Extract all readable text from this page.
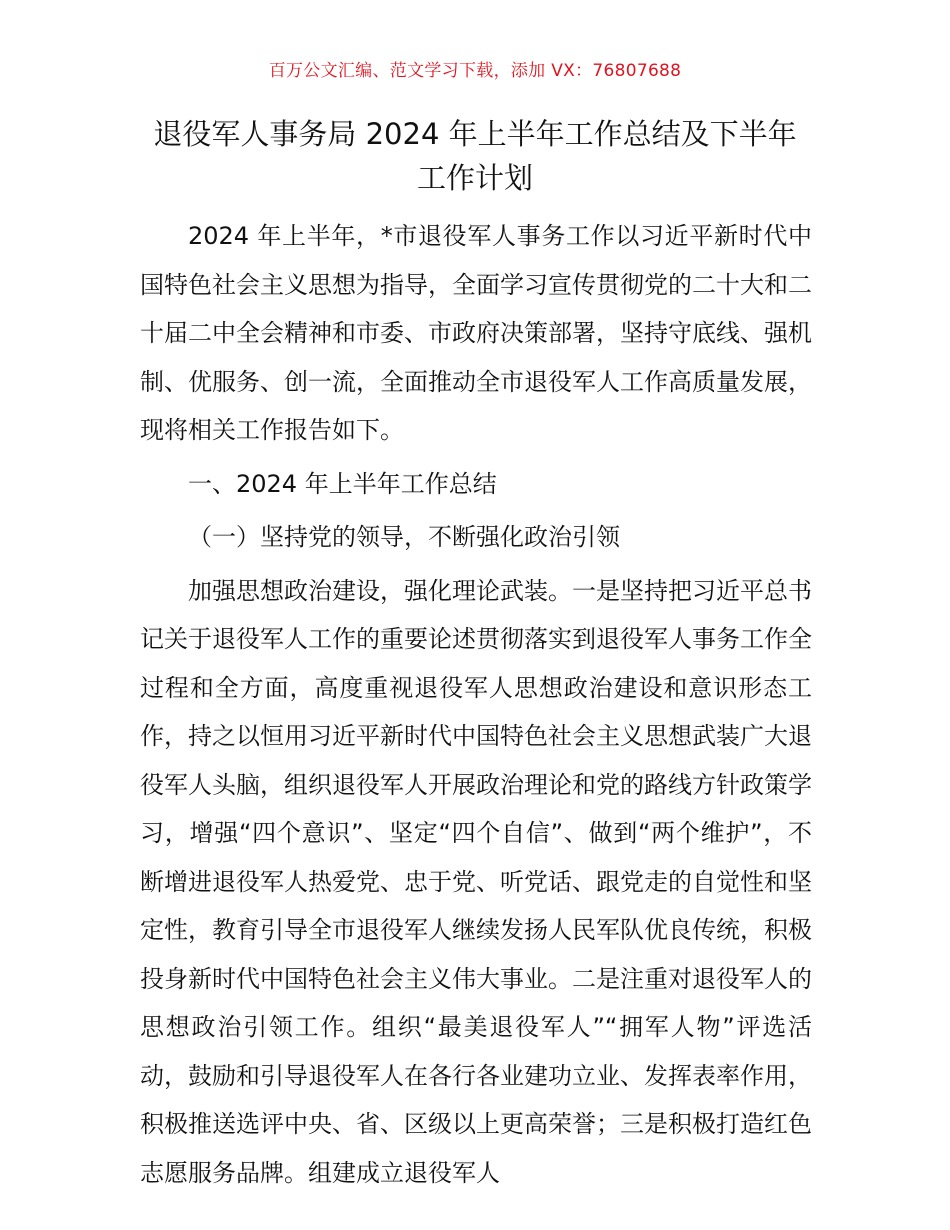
百万公文汇编、范文学习下载，添加 VX：76807688
退役军人事务局 2024 年上半年工作总结及下半年工作计划

2024 年上半年，*市退役军人事务工作以习近平新时代中国特色社会主义思想为指导，全面学习宣传贯彻党的二十大和二十届二中全会精神和市委、市政府决策部署，坚持守底线、强机制、优服务、创一流，全面推动全市退役军人工作高质量发展，现将相关工作报告如下。

一、2024 年上半年工作总结

（一）坚持党的领导，不断强化政治引领

加强思想政治建设，强化理论武装。一是坚持把习近平总书记关于退役军人工作的重要论述贯彻落实到退役军人事务工作全过程和全方面，高度重视退役军人思想政治建设和意识形态工作，持之以恒用习近平新时代中国特色社会主义思想武装广大退役军人头脑，组织退役军人开展政治理论和党的路线方针政策学习，增强“四个意识”、坚定“四个自信”、做到“两个维护”，不断增进退役军人热爱党、忠于党、听党话、跟党走的自觉性和坚定性，教育引导全市退役军人继续发扬人民军队优良传统，积极投身新时代中国特色社会主义伟大事业。二是注重对退役军人的思想政治引领工作。组织“最美退役军人”“拥军人物”评选活动，鼓励和引导退役军人在各行各业建功立业、发挥表率作用，积极推送选评中央、省、区级以上更高荣誉；三是积极打造红色志愿服务品牌。组建成立退役军人
